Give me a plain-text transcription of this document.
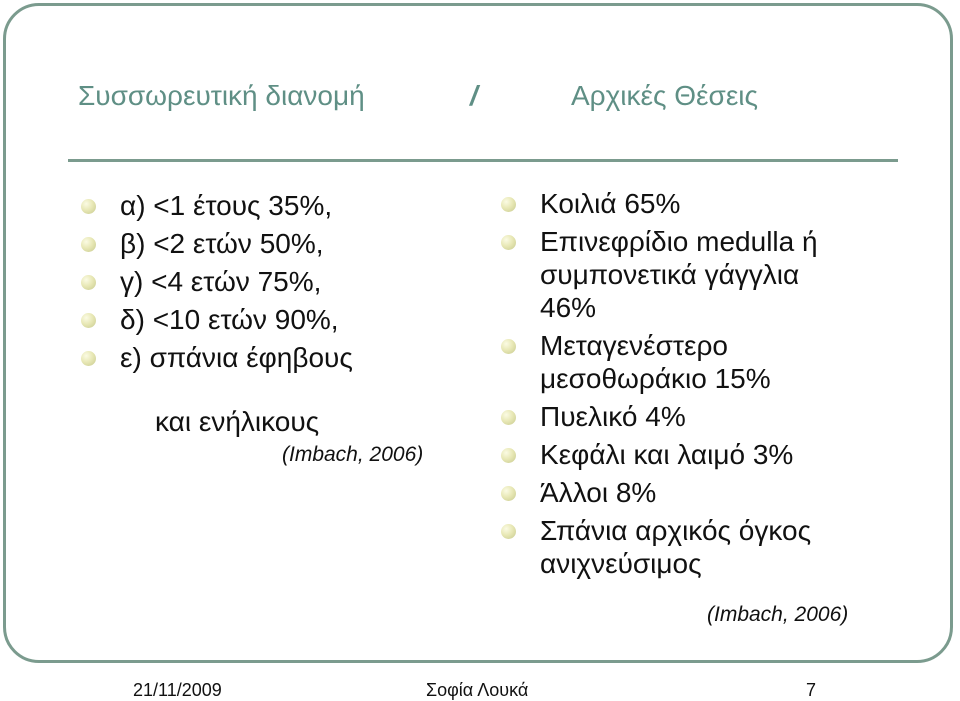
Συσσωρευτική διανομή	/	Αρχικές Θέσεις
α) <1 έτους 35%,
β) <2 ετών 50%,
γ) <4 ετών 75%,
δ) <10 ετών 90%,
ε) σπάνια έφηβους
και ενήλικους
(Imbach, 2006)
Κοιλιά 65%
Επινεφρίδιο medulla ή
συμπονετικά γάγγλια
46%
Μεταγενέστερο
μεσοθωράκιο 15%
Πυελικό 4%
Κεφάλι και λαιμό 3%
Άλλοι 8%
Σπάνια αρχικός όγκος
ανιχνεύσιμος
(Imbach, 2006)
21/11/2009	Σοφία Λουκά	7
